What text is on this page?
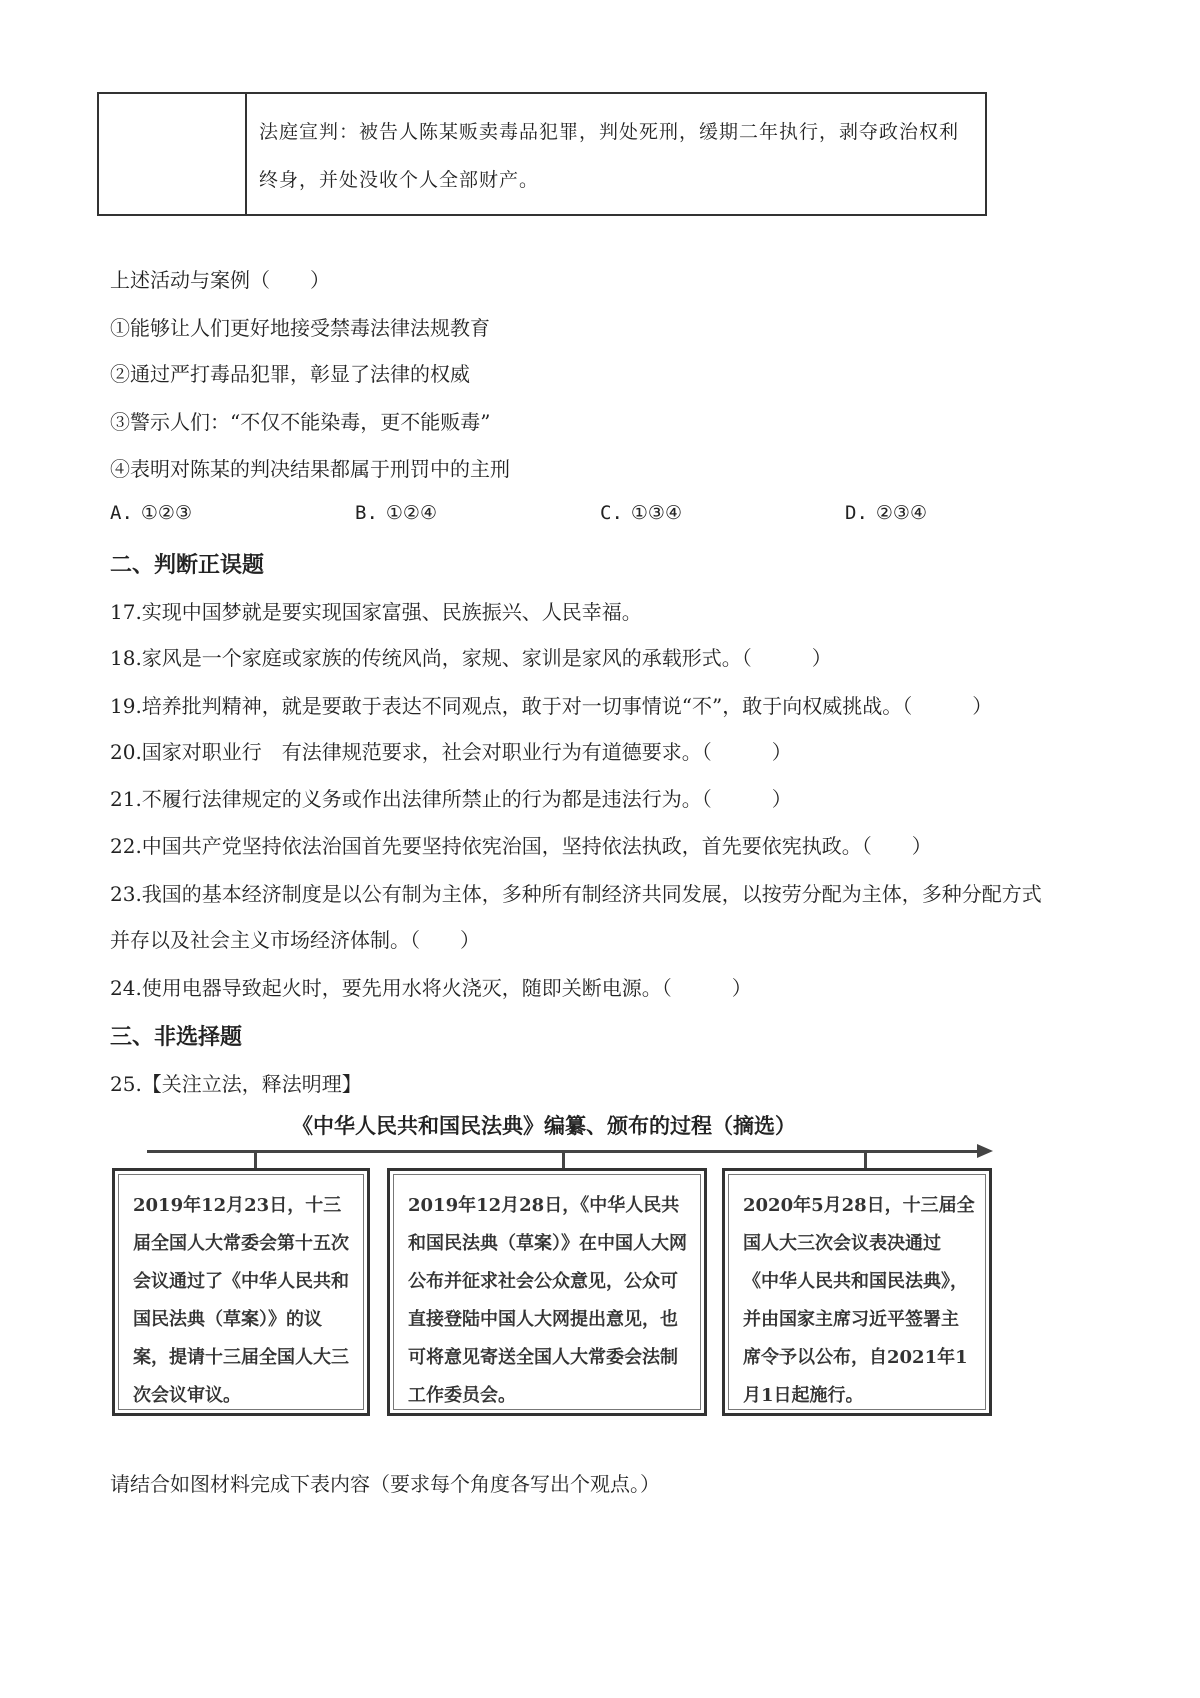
	法庭宣判：被告人陈某贩卖毒品犯罪，判处死刑，缓期二年执行，剥夺政治权利终身，并处没收个人全部财产。
上述活动与案例（　　）
①能够让人们更好地接受禁毒法律法规教育
②通过严打毒品犯罪，彰显了法律的权威
③警示人们：“不仅不能染毒，更不能贩毒”
④表明对陈某的判决结果都属于刑罚中的主刑
A. ①②③	B. ①②④	C. ①③④	D. ②③④
二、判断正误题
17.实现中国梦就是要实现国家富强、民族振兴、人民幸福。
18.家风是一个家庭或家族的传统风尚，家规、家训是家风的承载形式。（　　　）
19.培养批判精神，就是要敢于表达不同观点，敢于对一切事情说“不”，敢于向权威挑战。（　　　）
20.国家对职业行　有法律规范要求，社会对职业行为有道德要求。（　　　）
21.不履行法律规定的义务或作出法律所禁止的行为都是违法行为。（　　　）
22.中国共产党坚持依法治国首先要坚持依宪治国，坚持依法执政，首先要依宪执政。（　　）
23.我国的基本经济制度是以公有制为主体，多种所有制经济共同发展，以按劳分配为主体，多种分配方式
并存以及社会主义市场经济体制。（　　）
24.使用电器导致起火时，要先用水将火浇灭，随即关断电源。（　　　）
三、非选择题
25.【关注立法，释法明理】
《中华人民共和国民法典》编纂、颁布的过程（摘选）
2019年12月23日，十三届全国人大常委会第十五次会议通过了《中华人民共和国民法典（草案）》的议案，提请十三届全国人大三次会议审议。
2019年12月28日，《中华人民共和国民法典（草案）》在中国人大网公布并征求社会公众意见，公众可直接登陆中国人大网提出意见，也可将意见寄送全国人大常委会法制工作委员会。
2020年5月28日，十三届全国人大三次会议表决通过《中华人民共和国民法典》，并由国家主席习近平签署主席令予以公布，自2021年1月1日起施行。
请结合如图材料完成下表内容（要求每个角度各写出个观点。）
